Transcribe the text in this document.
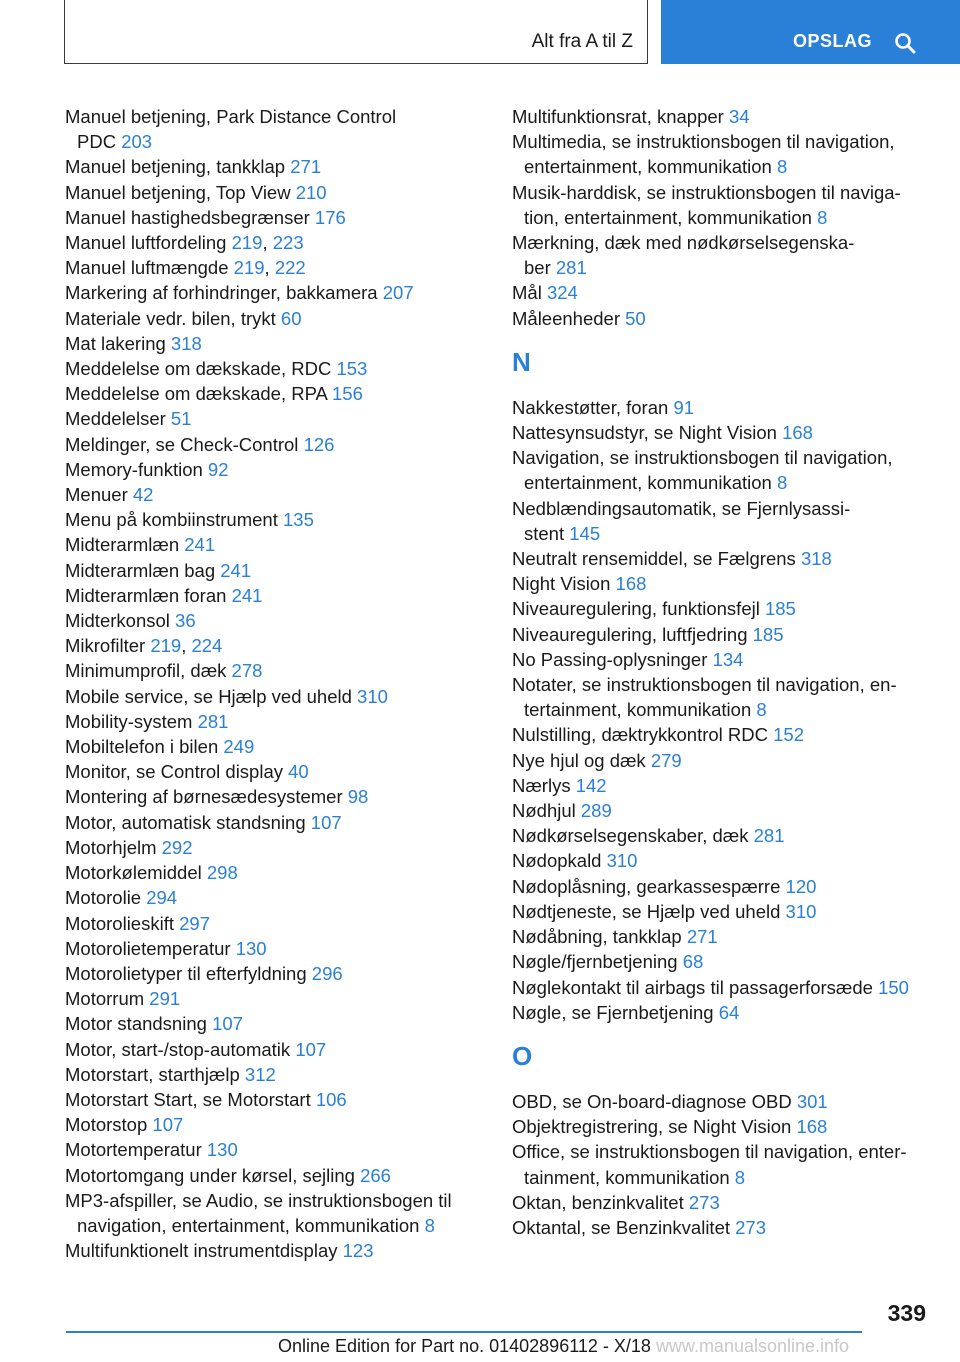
Alt fra A til Z	OPSLAG
Manuel betjening, Park Distance Control
PDC 203
Manuel betjening, tankklap 271
Manuel betjening, Top View 210
Manuel hastighedsbegrænser 176
Manuel luftfordeling 219, 223
Manuel luftmængde 219, 222
Markering af forhindringer, bakkamera 207
Materiale vedr. bilen, trykt 60
Mat lakering 318
Meddelelse om dækskade, RDC 153
Meddelelse om dækskade, RPA 156
Meddelelser 51
Meldinger, se Check-Control 126
Memory-funktion 92
Menuer 42
Menu på kombiinstrument 135
Midterarmlæn 241
Midterarmlæn bag 241
Midterarmlæn foran 241
Midterkonsol 36
Mikrofilter 219, 224
Minimumprofil, dæk 278
Mobile service, se Hjælp ved uheld 310
Mobility-system 281
Mobiltelefon i bilen 249
Monitor, se Control display 40
Montering af børnesædesystemer 98
Motor, automatisk standsning 107
Motorhjelm 292
Motorkølemiddel 298
Motorolie 294
Motorolieskift 297
Motorolietemperatur 130
Motorolietyper til efterfyldning 296
Motorrum 291
Motor standsning 107
Motor, start-/stop-automatik 107
Motorstart, starthjælp 312
Motorstart Start, se Motorstart 106
Motorstop 107
Motortemperatur 130
Motortomgang under kørsel, sejling 266
MP3-afspiller, se Audio, se instruktionsbogen til
navigation, entertainment, kommunikation 8
Multifunktionelt instrumentdisplay 123
Multifunktionsrat, knapper 34
Multimedia, se instruktionsbogen til navigation,
entertainment, kommunikation 8
Musik-harddisk, se instruktionsbogen til naviga-
tion, entertainment, kommunikation 8
Mærkning, dæk med nødkørselsegenska-
ber 281
Mål 324
Måleenheder 50
N
Nakkestøtter, foran 91
Nattesynsudstyr, se Night Vision 168
Navigation, se instruktionsbogen til navigation,
entertainment, kommunikation 8
Nedblændingsautomatik, se Fjernlysassi-
stent 145
Neutralt rensemiddel, se Fælgrens 318
Night Vision 168
Niveauregulering, funktionsfejl 185
Niveauregulering, luftfjedring 185
No Passing-oplysninger 134
Notater, se instruktionsbogen til navigation, en-
tertainment, kommunikation 8
Nulstilling, dæktrykkontrol RDC 152
Nye hjul og dæk 279
Nærlys 142
Nødhjul 289
Nødkørselsegenskaber, dæk 281
Nødopkald 310
Nødoplåsning, gearkassespærre 120
Nødtjeneste, se Hjælp ved uheld 310
Nødåbning, tankklap 271
Nøgle/fjernbetjening 68
Nøglekontakt til airbags til passagerforsæde 150
Nøgle, se Fjernbetjening 64
O
OBD, se On-board-diagnose OBD 301
Objektregistrering, se Night Vision 168
Office, se instruktionsbogen til navigation, enter-
tainment, kommunikation 8
Oktan, benzinkvalitet 273
Oktantal, se Benzinkvalitet 273
339
Online Edition for Part no. 01402896112 - X/18 www.manualsonline.info
